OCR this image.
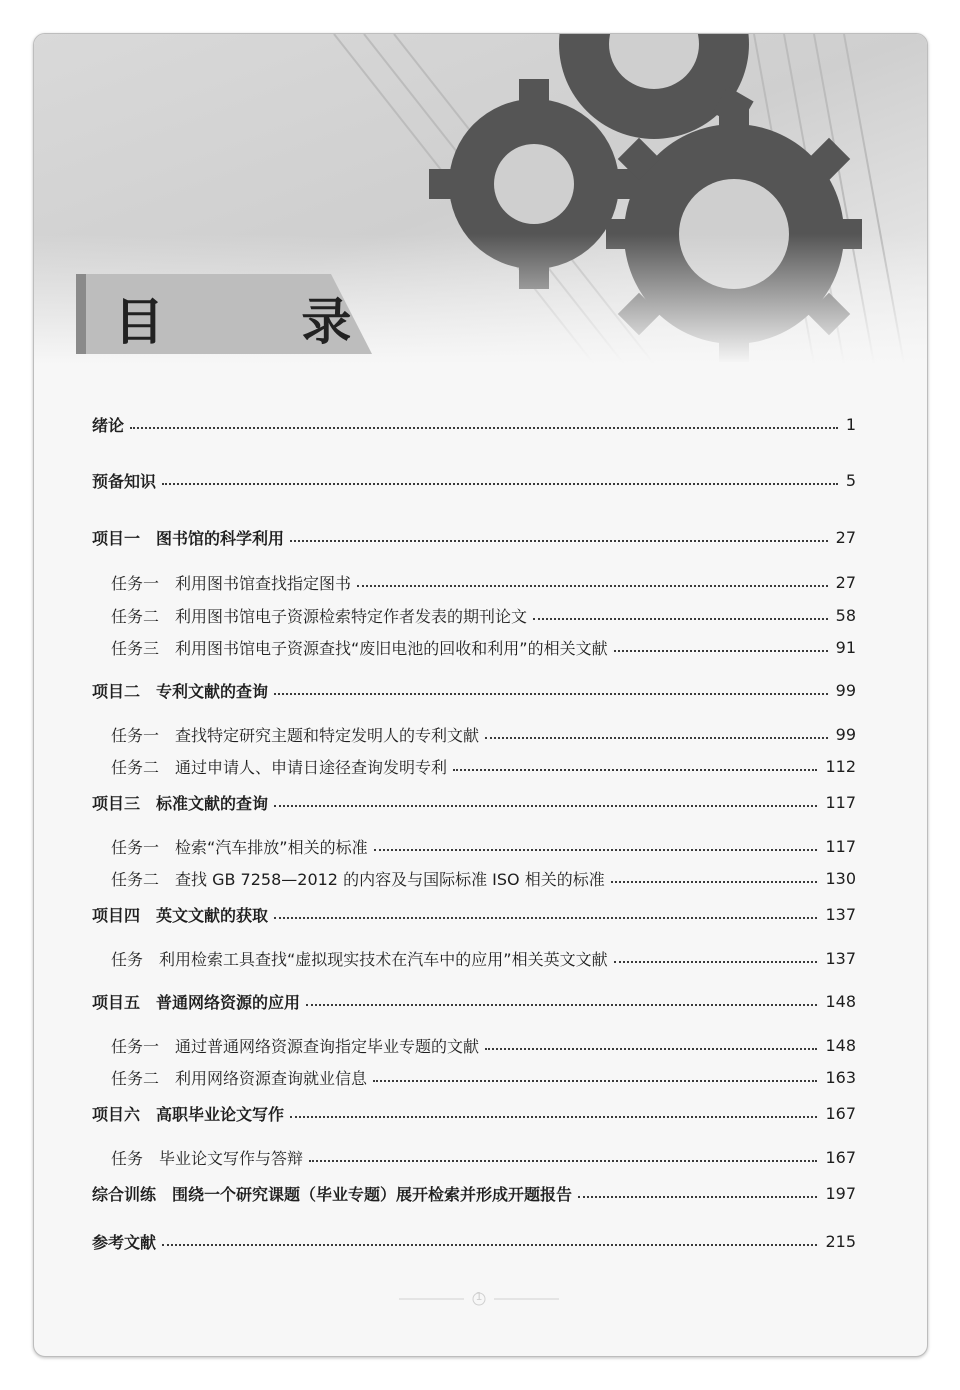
目 录
绪论	1
预备知识	5
项目一　图书馆的科学利用	27
任务一　利用图书馆查找指定图书	27
任务二　利用图书馆电子资源检索特定作者发表的期刊论文	58
任务三　利用图书馆电子资源查找“废旧电池的回收和利用”的相关文献	91
项目二　专利文献的查询	99
任务一　查找特定研究主题和特定发明人的专利文献	99
任务二　通过申请人、申请日途径查询发明专利	112
项目三　标准文献的查询	117
任务一　检索“汽车排放”相关的标准	117
任务二　查找 GB 7258—2012 的内容及与国际标准 ISO 相关的标准	130
项目四　英文文献的获取	137
任务　利用检索工具查找“虚拟现实技术在汽车中的应用”相关英文文献	137
项目五　普通网络资源的应用	148
任务一　通过普通网络资源查询指定毕业专题的文献	148
任务二　利用网络资源查询就业信息	163
项目六　高职毕业论文写作	167
任务　毕业论文写作与答辩	167
综合训练　围绕一个研究课题（毕业专题）展开检索并形成开题报告	197
参考文献	215
1
